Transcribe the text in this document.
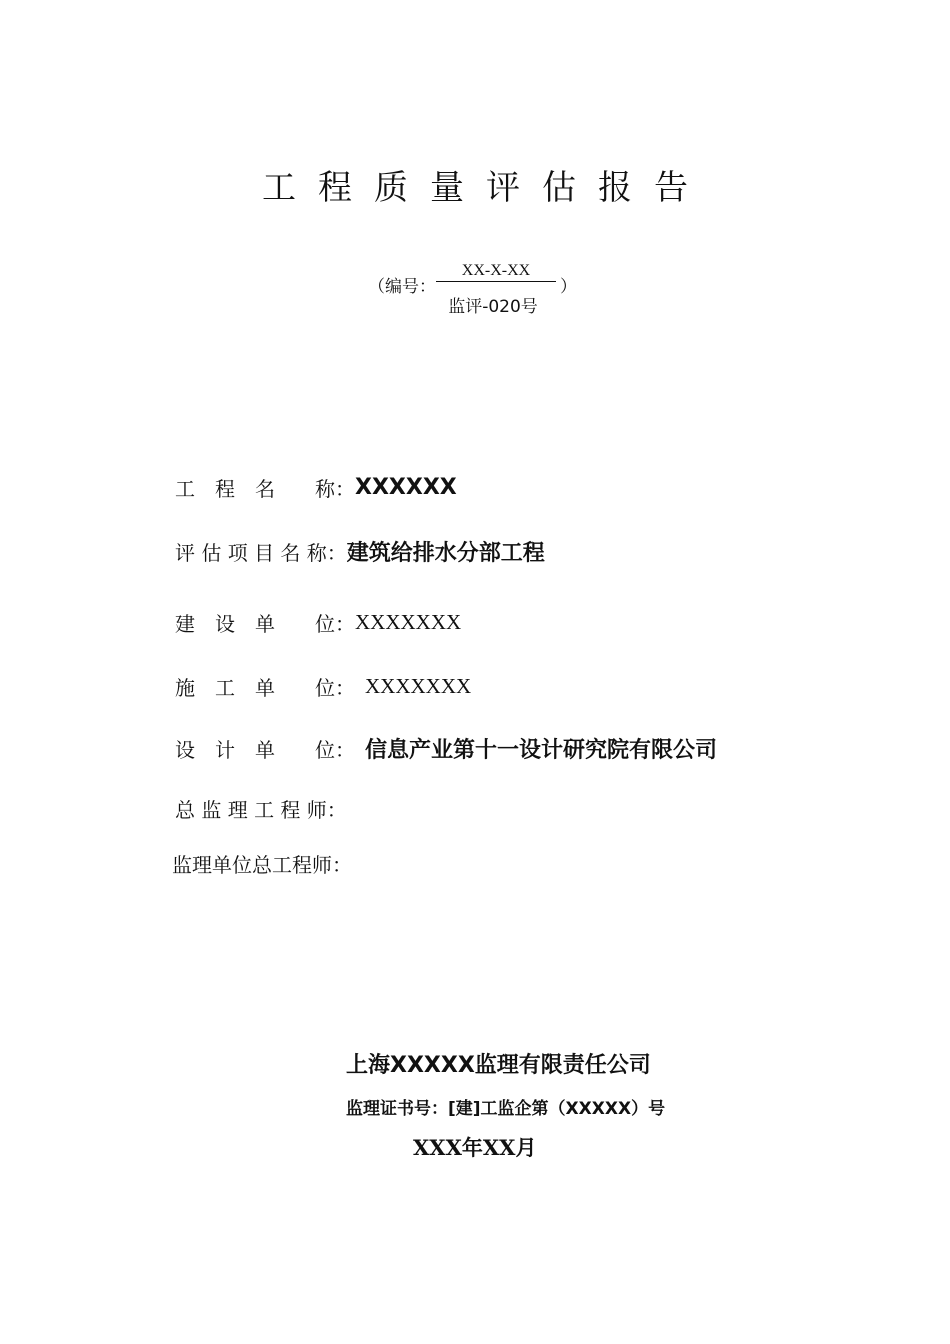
工程质量评估报告
（编号：
XX-X-XX
监评-020号
）
工　程　名　　称： XXXXXX
评 估 项 目 名 称： 建筑给排水分部工程
建　设　单　　位： XXXXXXX
施　工　单　　位： XXXXXXX
设　计　单　　位： 信息产业第十一设计研究院有限公司
总 监 理 工 程 师：
监理单位总工程师：
上海XXXXX监理有限责任公司
监理证书号：[建]工监企第（XXXXX）号
XXX年XX月
